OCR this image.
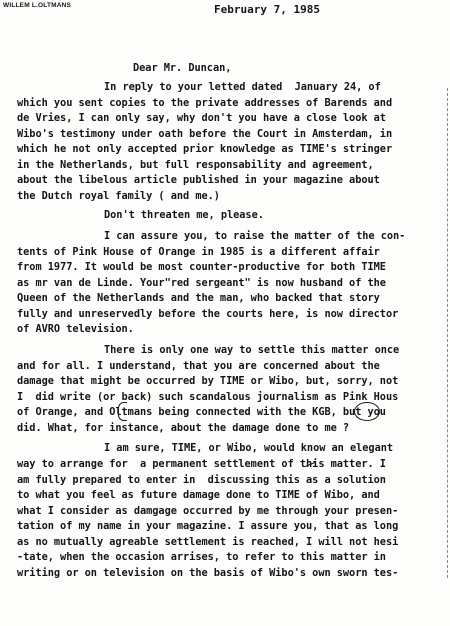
WILLEM L.OLTMANS	February 7, 1985
Dear Mr. Duncan,
In reply to your letted dated  January 24, of
which you sent copies to the private addresses of Barends and
de Vries, I can only say, why don't you have a close look at
Wibo's testimony under oath before the Court in Amsterdam, in
which he not only accepted prior knowledge as TIME's stringer
in the Netherlands, but full responsability and agreement,
about the libelous article published in your magazine about
the Dutch royal family ( and me.)
Don't threaten me, please.
I can assure you, to raise the matter of the con-
tents of Pink House of Orange in 1985 is a different affair
from 1977. It would be most counter-productive for both TIME
as mr van de Linde. Your"red sergeant" is now husband of the
Queen of the Netherlands and the man, who backed that story
fully and unreservedly before the courts here, is now director
of AVRO television.
There is only one way to settle this matter once
and for all. I understand, that you are concerned about the
damage that might be occurred by TIME or Wibo, but, sorry, not
I  did write (or back) such scandalous journalism as Pink Hous
of Orange, and Oltmans being connected with the KGB, but you
did. What, for instance, about the damage done to me ?
I am sure, TIME, or Wibo, would know an elegant
way to arrange for  a permanent settlement of this matter. I
am fully prepared to enter in  discussing this as a solution
to what you feel as future damage done to TIME of Wibo, and
what I consider as damgage occurred by me through your presen-
tation of my name in your magazine. I assure you, that as long
as no mutually agreable settlement is reached, I will not hesi
-tate, when the occasion arrises, to refer to this matter in
writing or on television on the basis of Wibo's own sworn tes-
